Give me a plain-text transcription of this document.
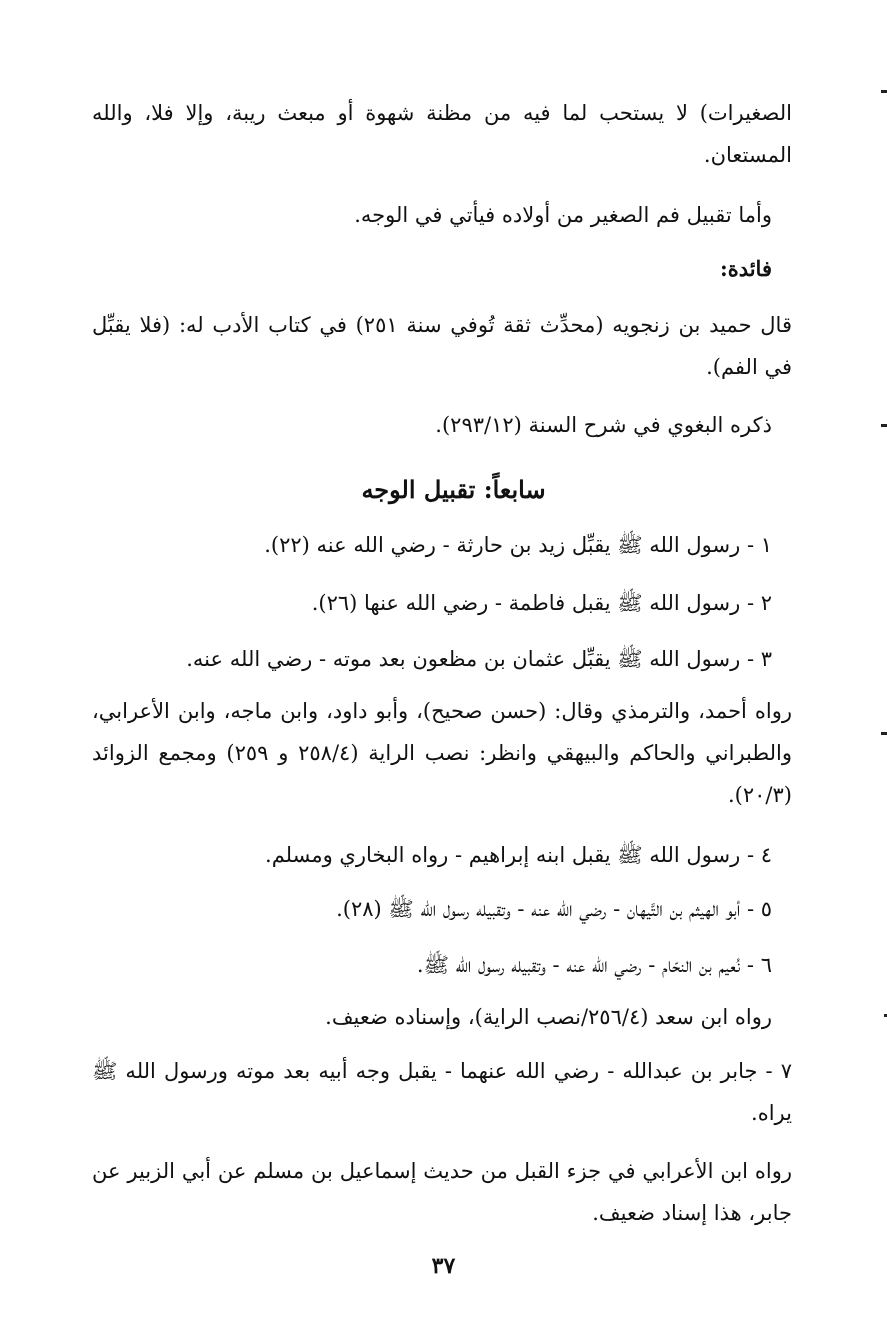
الصغيرات) لا يستحب لما فيه من مظنة شهوة أو مبعث ريبة، وإلا فلا، والله المستعان.

وأما تقبيل فم الصغير من أولاده فيأتي في الوجه.

فائدة:

قال حميد بن زنجويه (محدِّث ثقة تُوفي سنة ٢٥١) في كتاب الأدب له: (فلا يقبِّل في الفم).

ذكره البغوي في شرح السنة (٢٩٣/١٢).

سابعاً: تقبيل الوجه

١ - رسول الله ﷺ يقبِّل زيد بن حارثة - رضي الله عنه (٢٢).

٢ - رسول الله ﷺ يقبل فاطمة - رضي الله عنها (٢٦).

٣ - رسول الله ﷺ يقبِّل عثمان بن مظعون بعد موته - رضي الله عنه.

رواه أحمد، والترمذي وقال: (حسن صحيح)، وأبو داود، وابن ماجه، وابن الأعرابي، والطبراني والحاكم والبيهقي وانظر: نصب الراية (٢٥٨/٤ و ٢٥٩) ومجمع الزوائد (٢٠/٣).

٤ - رسول الله ﷺ يقبل ابنه إبراهيم - رواه البخاري ومسلم.

٥ - أبو الهيثم بن التَّيهان - رضي الله عنه - وتقبيله رسول الله ﷺ (٢٨).

٦ - نُعيم بن النحّام - رضي الله عنه - وتقبيله رسول الله ﷺ.

رواه ابن سعد (٢٥٦/٤/نصب الراية)، وإسناده ضعيف.

٧ - جابر بن عبدالله - رضي الله عنهما - يقبل وجه أبيه بعد موته ورسول الله ﷺ يراه.

رواه ابن الأعرابي في جزء القبل من حديث إسماعيل بن مسلم عن أبي الزبير عن جابر، هذا إسناد ضعيف.

٣٧
